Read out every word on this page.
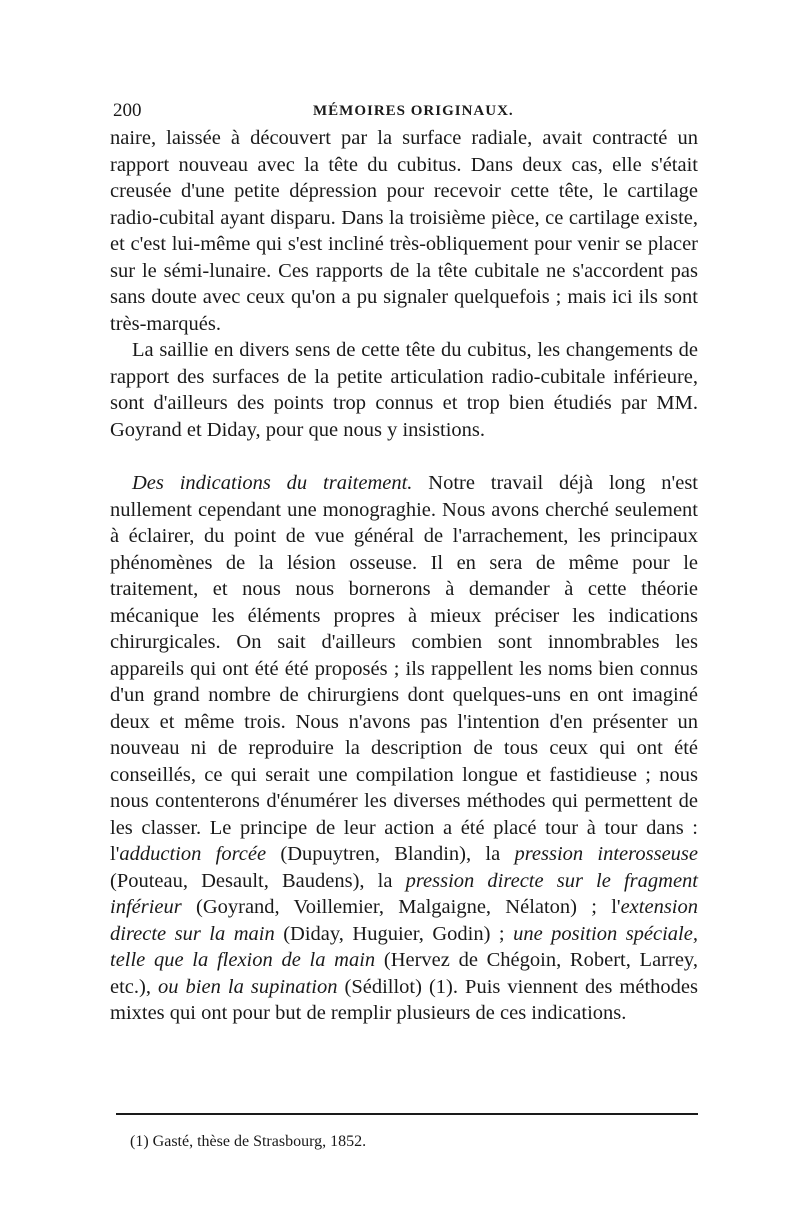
200	MÉMOIRES ORIGINAUX.

naire, laissée à découvert par la surface radiale, avait contracté un rapport nouveau avec la tête du cubitus. Dans deux cas, elle s'était creusée d'une petite dépression pour recevoir cette tête, le cartilage radio-cubital ayant disparu. Dans la troisième pièce, ce cartilage existe, et c'est lui-même qui s'est incliné très-obliquement pour venir se placer sur le sémi-lunaire. Ces rapports de la tête cubitale ne s'accordent pas sans doute avec ceux qu'on a pu signaler quelquefois ; mais ici ils sont très-marqués.

La saillie en divers sens de cette tête du cubitus, les changements de rapport des surfaces de la petite articulation radio-cubitale inférieure, sont d'ailleurs des points trop connus et trop bien étudiés par MM. Goyrand et Diday, pour que nous y insistions.

Des indications du traitement. Notre travail déjà long n'est nullement cependant une monograghie. Nous avons cherché seulement à éclairer, du point de vue général de l'arrachement, les principaux phénomènes de la lésion osseuse. Il en sera de même pour le traitement, et nous nous bornerons à demander à cette théorie mécanique les éléments propres à mieux préciser les indications chirurgicales. On sait d'ailleurs combien sont innombrables les appareils qui ont été été proposés ; ils rappellent les noms bien connus d'un grand nombre de chirurgiens dont quelques-uns en ont imaginé deux et même trois. Nous n'avons pas l'intention d'en présenter un nouveau ni de reproduire la description de tous ceux qui ont été conseillés, ce qui serait une compilation longue et fastidieuse ; nous nous contenterons d'énumérer les diverses méthodes qui permettent de les classer. Le principe de leur action a été placé tour à tour dans : l'adduction forcée (Dupuytren, Blandin), la pression interosseuse (Pouteau, Desault, Baudens), la pression directe sur le fragment inférieur (Goyrand, Voillemier, Malgaigne, Nélaton) ; l'extension directe sur la main (Diday, Huguier, Godin) ; une position spéciale, telle que la flexion de la main (Hervez de Chégoin, Robert, Larrey, etc.), ou bien la supination (Sédillot) (1). Puis viennent des méthodes mixtes qui ont pour but de remplir plusieurs de ces indications.

(1) Gasté, thèse de Strasbourg, 1852.
